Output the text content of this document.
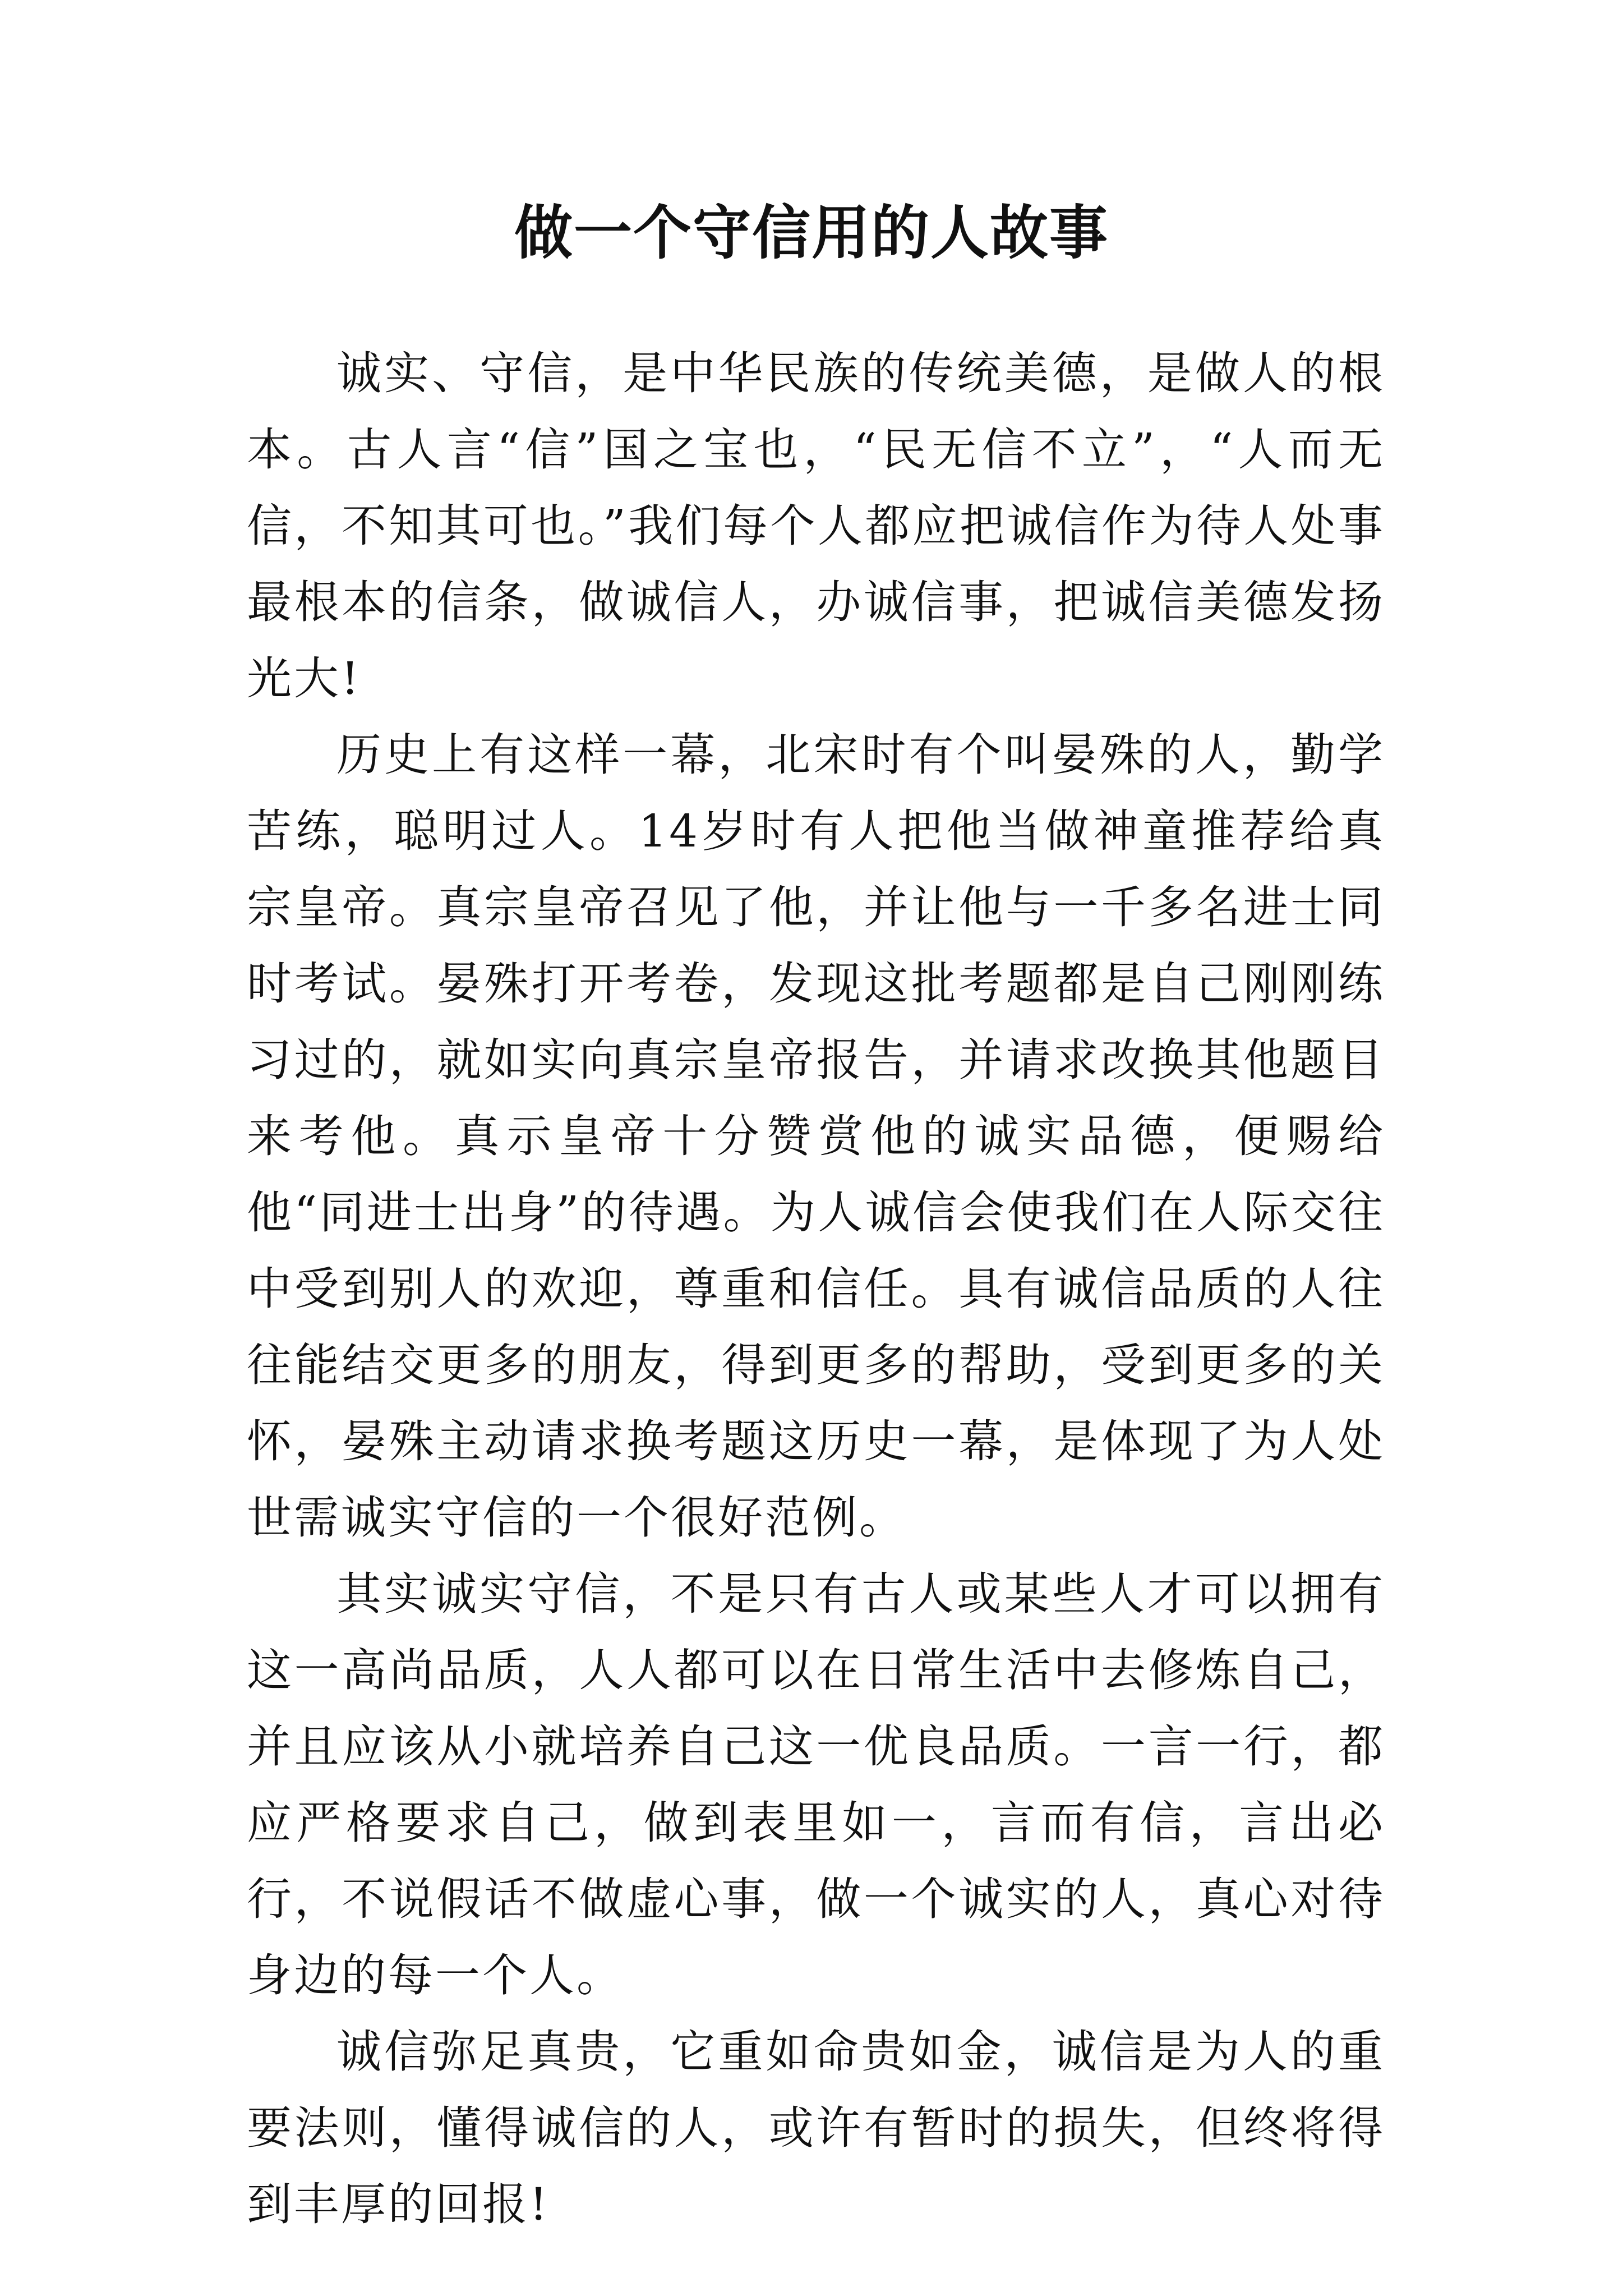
做一个守信用的人故事

诚实、守信，是中华民族的传统美德，是做人的根本。古人言“信”国之宝也，“民无信不立”，“人而无信，不知其可也。”我们每个人都应把诚信作为待人处事最根本的信条，做诚信人，办诚信事，把诚信美德发扬光大!

历史上有这样一幕，北宋时有个叫晏殊的人，勤学苦练，聪明过人。14岁时有人把他当做神童推荐给真宗皇帝。真宗皇帝召见了他，并让他与一千多名进士同时考试。晏殊打开考卷，发现这批考题都是自己刚刚练习过的，就如实向真宗皇帝报告，并请求改换其他题目来考他。真示皇帝十分赞赏他的诚实品德，便赐给他“同进士出身”的待遇。为人诚信会使我们在人际交往中受到别人的欢迎，尊重和信任。具有诚信品质的人往往能结交更多的朋友，得到更多的帮助，受到更多的关怀，晏殊主动请求换考题这历史一幕，是体现了为人处世需诚实守信的一个很好范例。

其实诚实守信，不是只有古人或某些人才可以拥有这一高尚品质，人人都可以在日常生活中去修炼自己，并且应该从小就培养自己这一优良品质。一言一行，都应严格要求自己，做到表里如一，言而有信，言出必行，不说假话不做虚心事，做一个诚实的人，真心对待身边的每一个人。

诚信弥足真贵，它重如命贵如金，诚信是为人的重要法则，懂得诚信的人，或许有暂时的损失，但终将得到丰厚的回报!
